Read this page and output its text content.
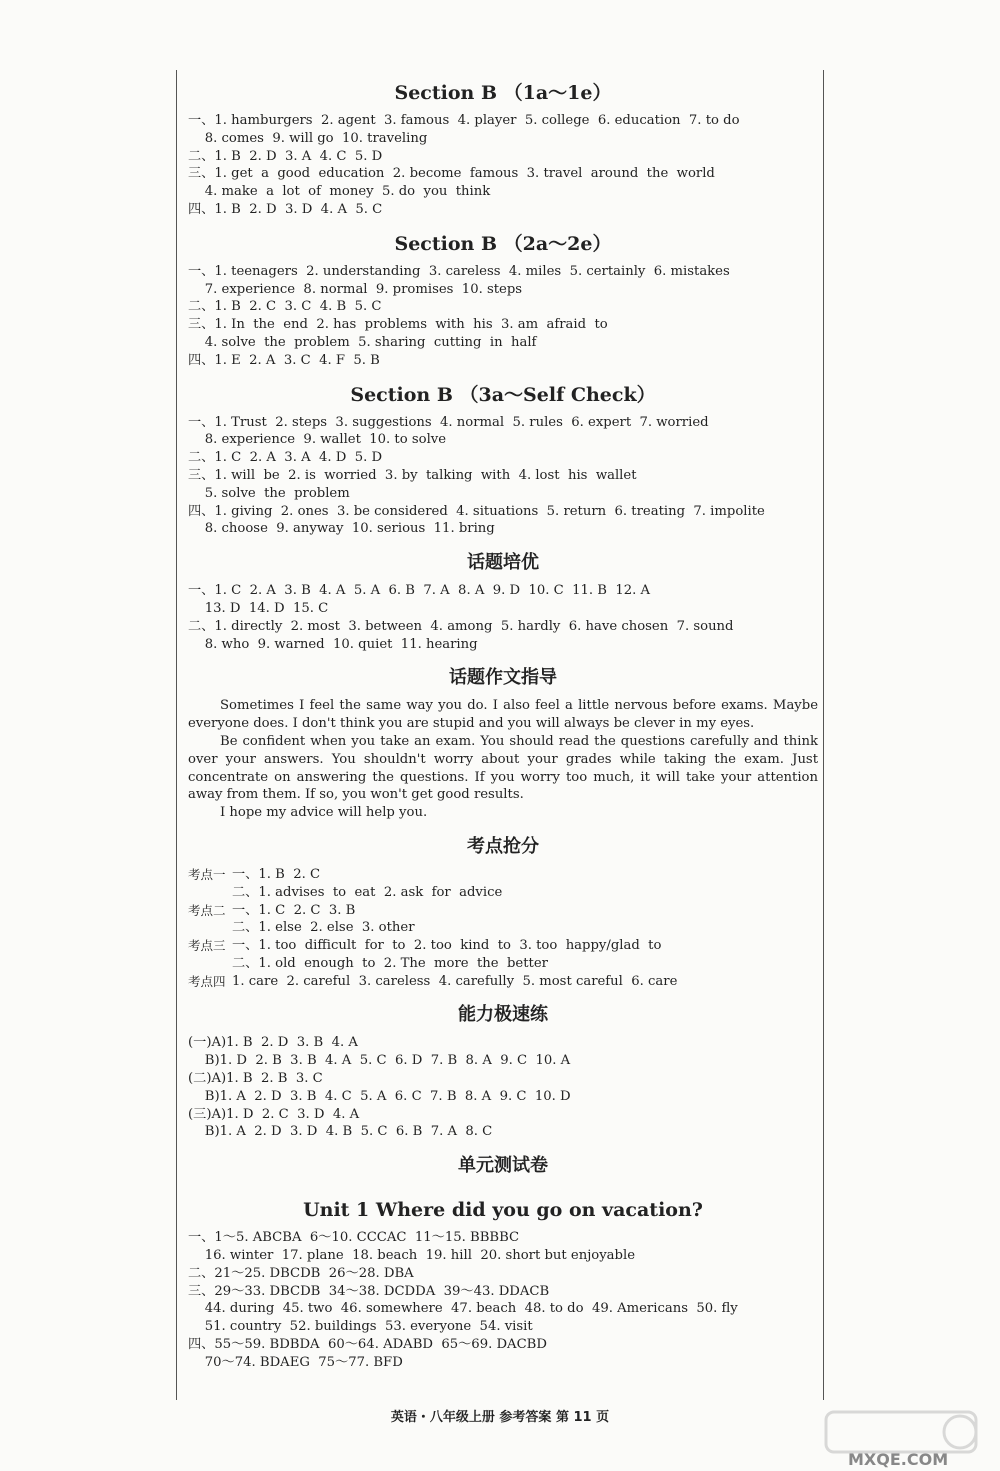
Section B （1a～1e）

一、1. hamburgers  2. agent  3. famous  4. player  5. college  6. education  7. to do

8. comes  9. will go  10. traveling

二、1. B  2. D  3. A  4. C  5. D

三、1. get  a  good  education  2. become  famous  3. travel  around  the  world

4. make  a  lot  of  money  5. do  you  think

四、1. B  2. D  3. D  4. A  5. C

Section B （2a～2e）

一、1. teenagers  2. understanding  3. careless  4. miles  5. certainly  6. mistakes

7. experience  8. normal  9. promises  10. steps

二、1. B  2. C  3. C  4. B  5. C

三、1. In  the  end  2. has  problems  with  his  3. am  afraid  to

4. solve  the  problem  5. sharing  cutting  in  half

四、1. E  2. A  3. C  4. F  5. B

Section B （3a～Self Check）

一、1. Trust  2. steps  3. suggestions  4. normal  5. rules  6. expert  7. worried

8. experience  9. wallet  10. to solve

二、1. C  2. A  3. A  4. D  5. D

三、1. will  be  2. is  worried  3. by  talking  with  4. lost  his  wallet

5. solve  the  problem

四、1. giving  2. ones  3. be considered  4. situations  5. return  6. treating  7. impolite

8. choose  9. anyway  10. serious  11. bring

话题培优

一、1. C  2. A  3. B  4. A  5. A  6. B  7. A  8. A  9. D  10. C  11. B  12. A

13. D  14. D  15. C

二、1. directly  2. most  3. between  4. among  5. hardly  6. have chosen  7. sound

8. who  9. warned  10. quiet  11. hearing

话题作文指导

Sometimes I feel the same way you do. I also feel a little nervous before exams. Maybe everyone does. I don't think you are stupid and you will always be clever in my eyes.

Be confident when you take an exam. You should read the questions carefully and think over your answers. You shouldn't worry about your grades while taking the exam. Just concentrate on answering the questions. If you worry too much, it will take your attention away from them. If so, you won't get good results.

I hope my advice will help you.

考点抢分
考点一 一、1. B  2. C
二、1. advises  to  eat  2. ask  for  advice
考点二 一、1. C  2. C  3. B
二、1. else  2. else  3. other
考点三 一、1. too  difficult  for  to  2. too  kind  to  3. too  happy/glad  to
二、1. old  enough  to  2. The  more  the  better
考点四 1. care  2. careful  3. careless  4. carefully  5. most careful  6. care
能力极速练

(一)A)1. B  2. D  3. B  4. A

B)1. D  2. B  3. B  4. A  5. C  6. D  7. B  8. A  9. C  10. A

(二)A)1. B  2. B  3. C

B)1. A  2. D  3. B  4. C  5. A  6. C  7. B  8. A  9. C  10. D

(三)A)1. D  2. C  3. D  4. A

B)1. A  2. D  3. D  4. B  5. C  6. B  7. A  8. C

单元测试卷
Unit 1 Where did you go on vacation?

一、1～5. ABCBA  6～10. CCCAC  11～15. BBBBC

16. winter  17. plane  18. beach  19. hill  20. short but enjoyable

二、21～25. DBCDB  26～28. DBA

三、29～33. DBCDB  34～38. DCDDA  39～43. DDACB

44. during  45. two  46. somewhere  47. beach  48. to do  49. Americans  50. fly

51. country  52. buildings  53. everyone  54. visit

四、55～59. BDBDA  60～64. ADABD  65～69. DACBD

70～74. BDAEG  75～77. BFD

英语・八年级上册 参考答案 第 11 页
MXQE.COM
